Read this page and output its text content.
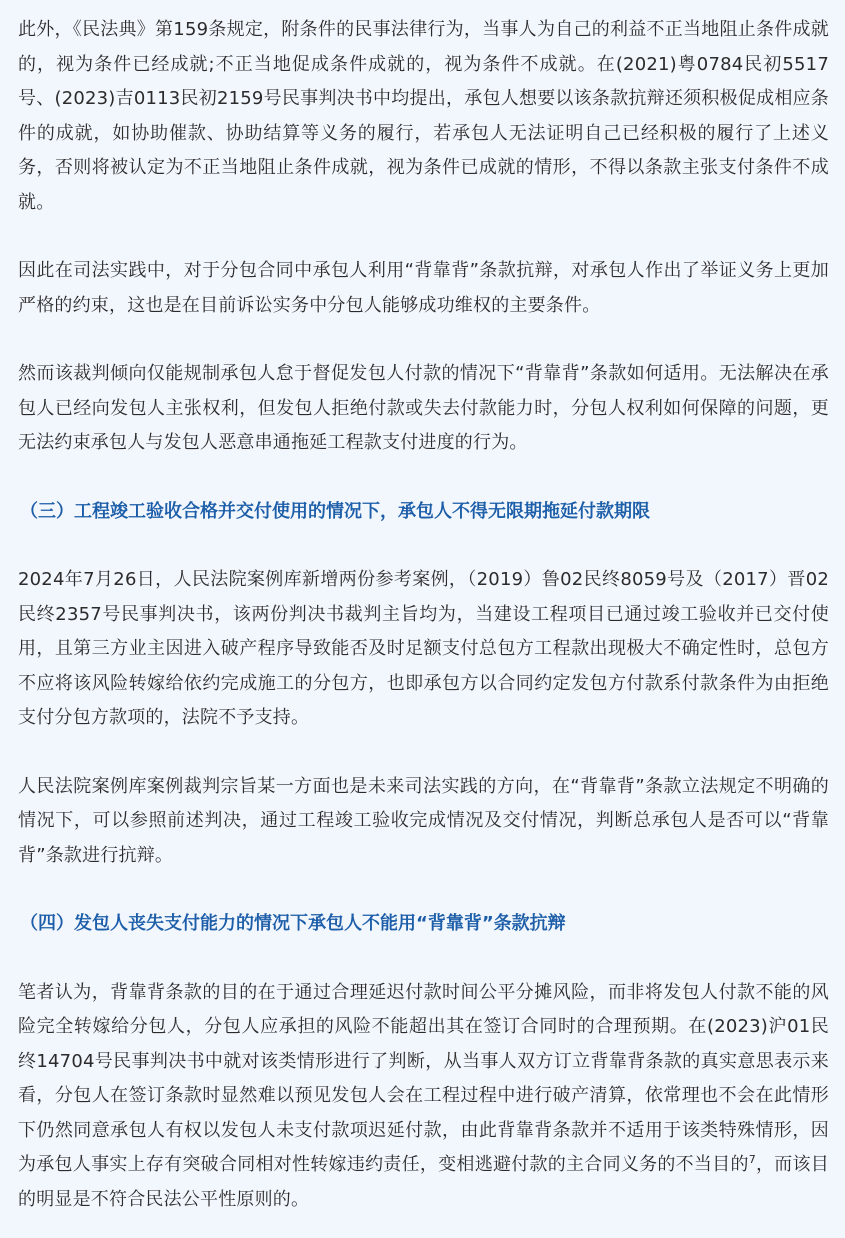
此外，《民法典》第159条规定，附条件的民事法律行为，当事人为自己的利益不正当地阻止条件成就的，视为条件已经成就;不正当地促成条件成就的，视为条件不成就。在(2021)粤0784民初5517号、(2023)吉0113民初2159号民事判决书中均提出，承包人想要以该条款抗辩还须积极促成相应条件的成就，如协助催款、协助结算等义务的履行，若承包人无法证明自己已经积极的履行了上述义务，否则将被认定为不正当地阻止条件成就，视为条件已成就的情形，不得以条款主张支付条件不成就。

因此在司法实践中，对于分包合同中承包人利用“背靠背”条款抗辩，对承包人作出了举证义务上更加严格的约束，这也是在目前诉讼实务中分包人能够成功维权的主要条件。

然而该裁判倾向仅能规制承包人怠于督促发包人付款的情况下“背靠背”条款如何适用。无法解决在承包人已经向发包人主张权利，但发包人拒绝付款或失去付款能力时，分包人权利如何保障的问题，更无法约束承包人与发包人恶意串通拖延工程款支付进度的行为。

（三）工程竣工验收合格并交付使用的情况下，承包人不得无限期拖延付款期限

2024年7月26日，人民法院案例库新增两份参考案例，（2019）鲁02民终8059号及（2017）晋02民终2357号民事判决书，该两份判决书裁判主旨均为，当建设工程项目已通过竣工验收并已交付使用，且第三方业主因进入破产程序导致能否及时足额支付总包方工程款出现极大不确定性时，总包方不应将该风险转嫁给依约完成施工的分包方，也即承包方以合同约定发包方付款系付款条件为由拒绝支付分包方款项的，法院不予支持。

人民法院案例库案例裁判宗旨某一方面也是未来司法实践的方向，在“背靠背”条款立法规定不明确的情况下，可以参照前述判决，通过工程竣工验收完成情况及交付情况，判断总承包人是否可以“背靠背”条款进行抗辩。

（四）发包人丧失支付能力的情况下承包人不能用“背靠背”条款抗辩

笔者认为，背靠背条款的目的在于通过合理延迟付款时间公平分摊风险，而非将发包人付款不能的风险完全转嫁给分包人，分包人应承担的风险不能超出其在签订合同时的合理预期。在(2023)沪01民终14704号民事判决书中就对该类情形进行了判断，从当事人双方订立背靠背条款的真实意思表示来看，分包人在签订条款时显然难以预见发包人会在工程过程中进行破产清算，依常理也不会在此情形下仍然同意承包人有权以发包人未支付款项迟延付款，由此背靠背条款并不适用于该类特殊情形，因为承包人事实上存有突破合同相对性转嫁违约责任，变相逃避付款的主合同义务的不当目的$^7$，而该目的明显是不符合民法公平性原则的。
